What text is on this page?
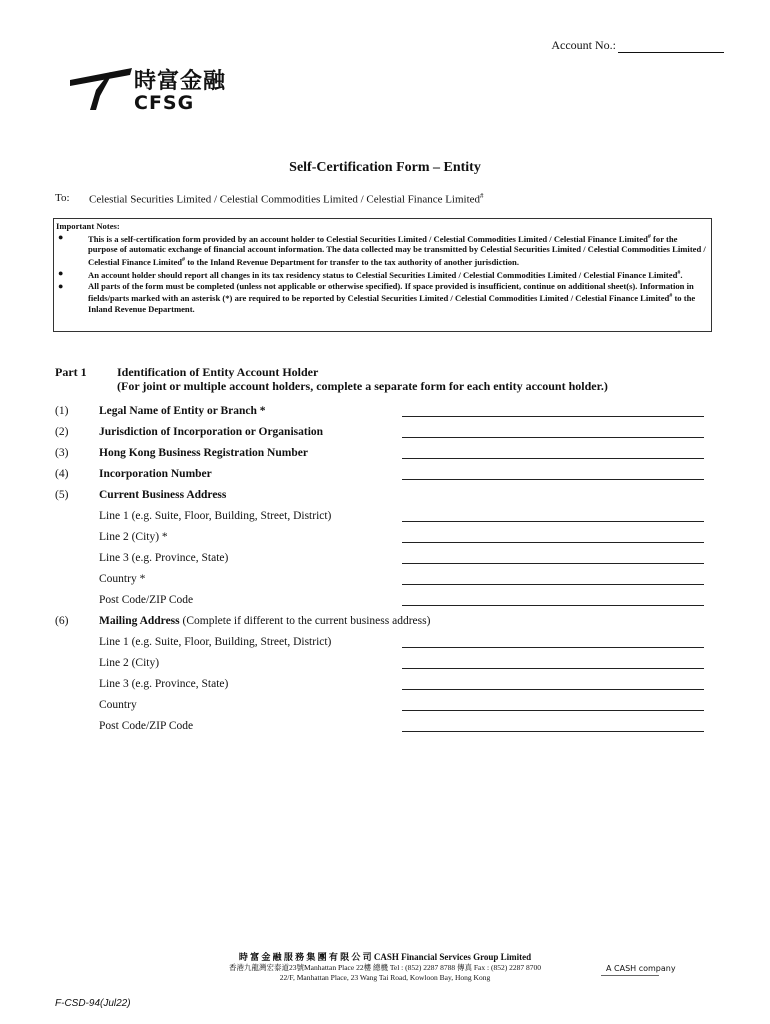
Account No.:
時富金融
CFSG
Self-Certification Form – Entity
To: Celestial Securities Limited / Celestial Commodities Limited / Celestial Finance Limited#
Important Notes:
●	This is a self-certification form provided by an account holder to Celestial Securities Limited / Celestial Commodities Limited / Celestial Finance Limited# for the purpose of automatic exchange of financial account information. The data collected may be transmitted by Celestial Securities Limited / Celestial Commodities Limited / Celestial Finance Limited# to the Inland Revenue Department for transfer to the tax authority of another jurisdiction.
●	An account holder should report all changes in its tax residency status to Celestial Securities Limited / Celestial Commodities Limited / Celestial Finance Limited#.
●	All parts of the form must be completed (unless not applicable or otherwise specified). If space provided is insufficient, continue on additional sheet(s). Information in fields/parts marked with an asterisk (*) are required to be reported by Celestial Securities Limited / Celestial Commodities Limited / Celestial Finance Limited# to the Inland Revenue Department.
Part 1	Identification of Entity Account Holder
(For joint or multiple account holders, complete a separate form for each entity account holder.)
(1)	Legal Name of Entity or Branch *
(2)	Jurisdiction of Incorporation or Organisation
(3)	Hong Kong Business Registration Number
(4)	Incorporation Number
(5)	Current Business Address
Line 1 (e.g. Suite, Floor, Building, Street, District)
Line 2 (City) *
Line 3 (e.g. Province, State)
Country *
Post Code/ZIP Code
(6)	Mailing Address (Complete if different to the current business address)
Line 1 (e.g. Suite, Floor, Building, Street, District)
Line 2 (City)
Line 3 (e.g. Province, State)
Country
Post Code/ZIP Code
時 富 金 融 服 務 集 團 有 限 公 司 CASH Financial Services Group Limited
香港九龍灣宏泰道23號Manhattan Place 22樓 總機 Tel : (852) 2287 8788 傳真 Fax : (852) 2287 8700
22/F, Manhattan Place, 23 Wang Tai Road, Kowloon Bay, Hong Kong
A CASH company
F-CSD-94(Jul22)
